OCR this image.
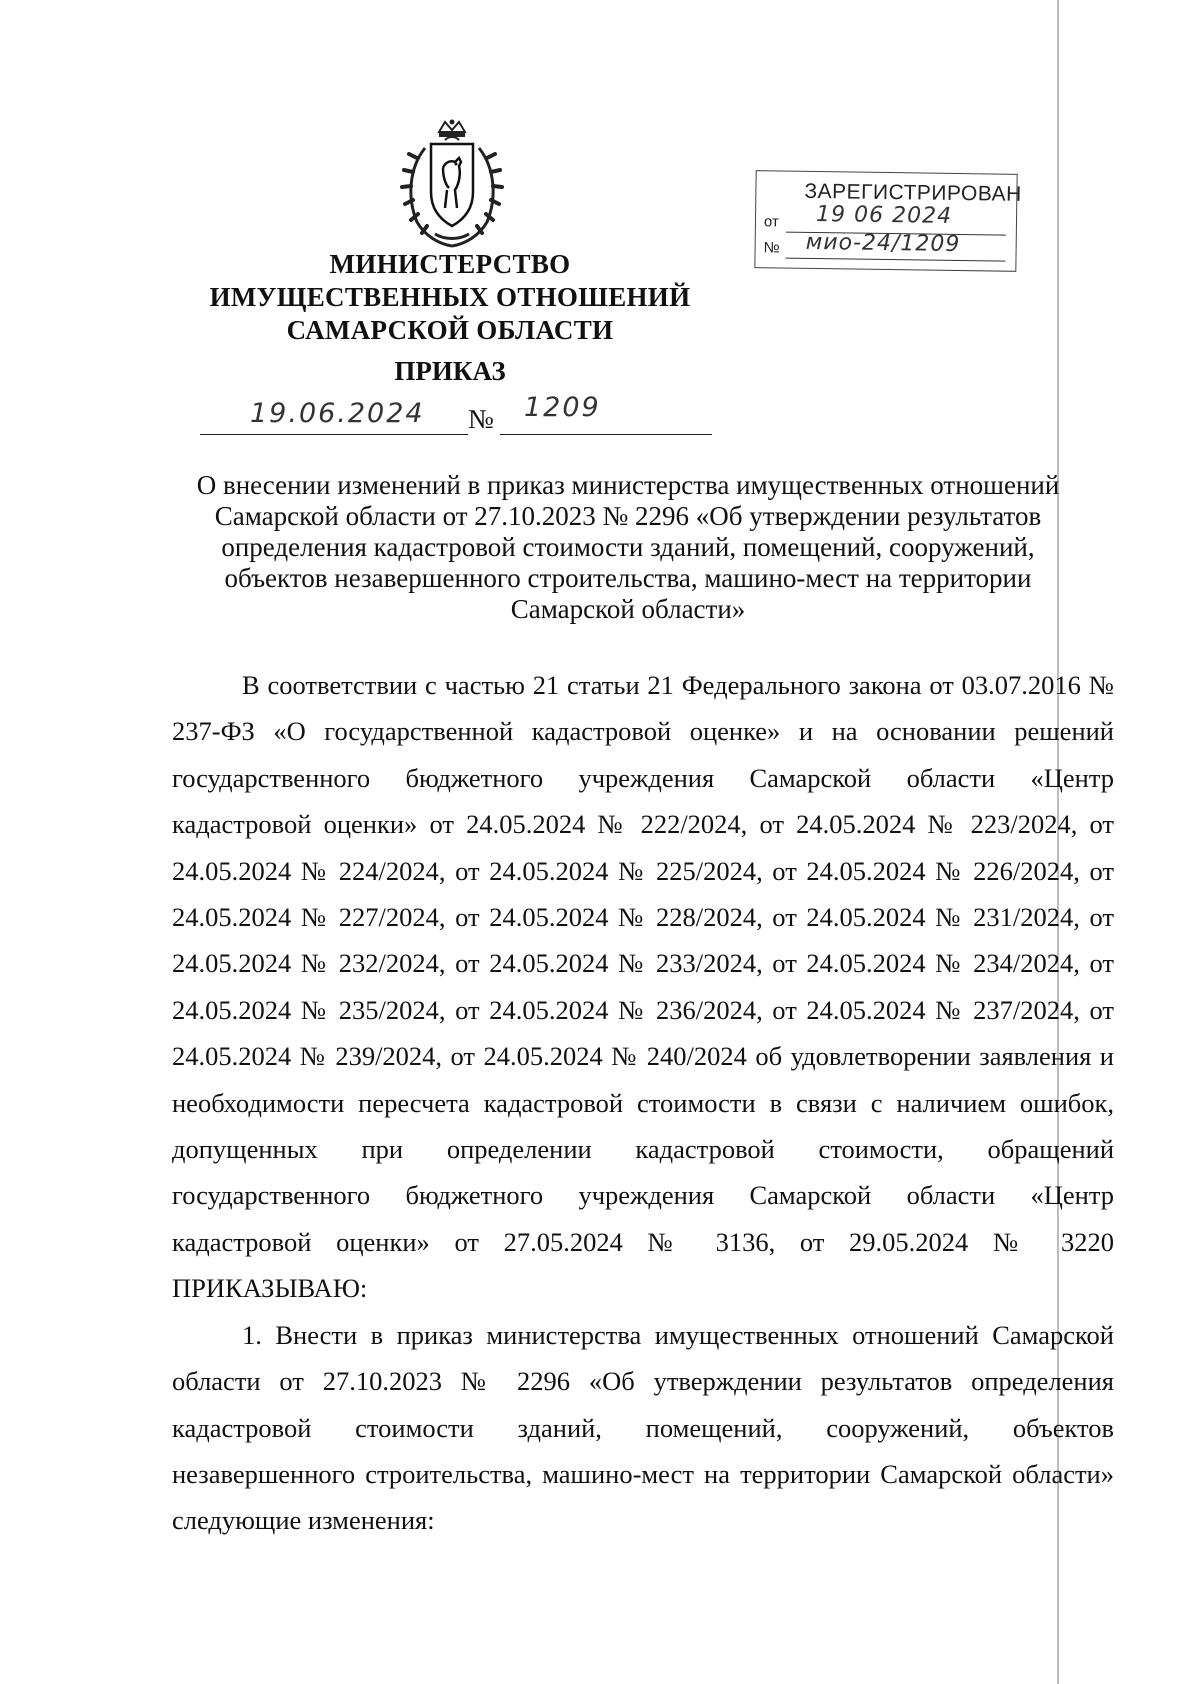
ЗАРЕГИСТРИРОВАН
от 19 06 2024
№ мио-24/1209
МИНИСТЕРСТВО
ИМУЩЕСТВЕННЫХ ОТНОШЕНИЙ
САМАРСКОЙ ОБЛАСТИ
ПРИКАЗ
19.06.2024 № 1209
О внесении изменений в приказ министерства имущественных отношений
Самарской области от 27.10.2023 № 2296 «Об утверждении результатов
определения кадастровой стоимости зданий, помещений, сооружений,
объектов незавершенного строительства, машино-мест на территории
Самарской области»

В соответствии с частью 21 статьи 21 Федерального закона от 03.07.2016 № 237-ФЗ «О государственной кадастровой оценке» и на основании решений государственного бюджетного учреждения Самарской области «Центр кадастровой оценки» от 24.05.2024 № 222/2024, от 24.05.2024 № 223/2024, от 24.05.2024 № 224/2024, от 24.05.2024 № 225/2024, от 24.05.2024 № 226/2024, от 24.05.2024 № 227/2024, от 24.05.2024 № 228/2024, от 24.05.2024 № 231/2024, от 24.05.2024 № 232/2024, от 24.05.2024 № 233/2024, от 24.05.2024 № 234/2024, от 24.05.2024 № 235/2024, от 24.05.2024 № 236/2024, от 24.05.2024 № 237/2024, от 24.05.2024 № 239/2024, от 24.05.2024 № 240/2024 об удовлетворении заявления и необходимости пересчета кадастровой стоимости в связи с наличием ошибок, допущенных при определении кадастровой стоимости, обращений государственного бюджетного учреждения Самарской области «Центр кадастровой оценки» от 27.05.2024 № 3136, от 29.05.2024 № 3220 ПРИКАЗЫВАЮ:

1. Внести в приказ министерства имущественных отношений Самарской области от 27.10.2023 № 2296 «Об утверждении результатов определения кадастровой стоимости зданий, помещений, сооружений, объектов незавершенного строительства, машино-мест на территории Самарской области» следующие изменения:
